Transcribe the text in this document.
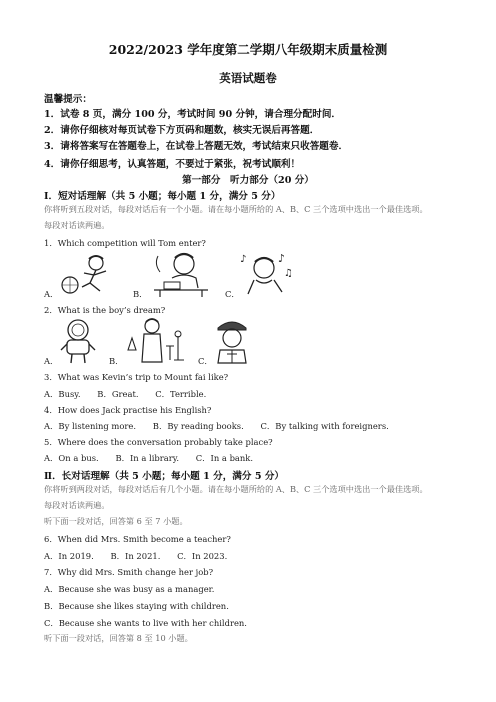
2022/2023 学年度第二学期八年级期末质量检测
英语试题卷
温馨提示：
1．试卷 8 页，满分 100 分，考试时间 90 分钟，请合理分配时间．
2．请你仔细核对每页试卷下方页码和题数，核实无误后再答题．
3．请将答案写在答题卷上，在试卷上答题无效，考试结束只收答题卷．
4．请你仔细思考，认真答题，不要过于紧张，祝考试顺利！
第一部分　听力部分（20 分）
Ⅰ．短对话理解（共 5 小题；每小题 1 分，满分 5 分）
你将听到五段对话，每段对话后有一个小题。请在每小题所给的 A、B、C 三个选项中选出一个最佳选项。
每段对话读两遍。
1．Which competition will Tom enter?
♪
♫
♪
A．	B．	C．
2．What is the boy’s dream?
A．	B．	C．
3．What was Kevin’s trip to Mount fai like?
A．Busy.　　B．Great.　　C．Terrible.
4．How does Jack practise his English?
A．By listening more.　　B．By reading books.　　C．By talking with foreigners.
5．Where does the conversation probably take place?
A．On a bus.　　B．In a library.　　C．In a bank.
Ⅱ．长对话理解（共 5 小题；每小题 1 分，满分 5 分）
你将听到两段对话，每段对话后有几个小题。请在每小题所给的 A、B、C 三个选项中选出一个最佳选项。
每段对话读两遍。
听下面一段对话，回答第 6 至 7 小题。
6．When did Mrs. Smith become a teacher?
A．In 2019.　　B．In 2021.　　C．In 2023.
7．Why did Mrs. Smith change her job?
A．Because she was busy as a manager.
B．Because she likes staying with children.
C．Because she wants to live with her children.
听下面一段对话，回答第 8 至 10 小题。
